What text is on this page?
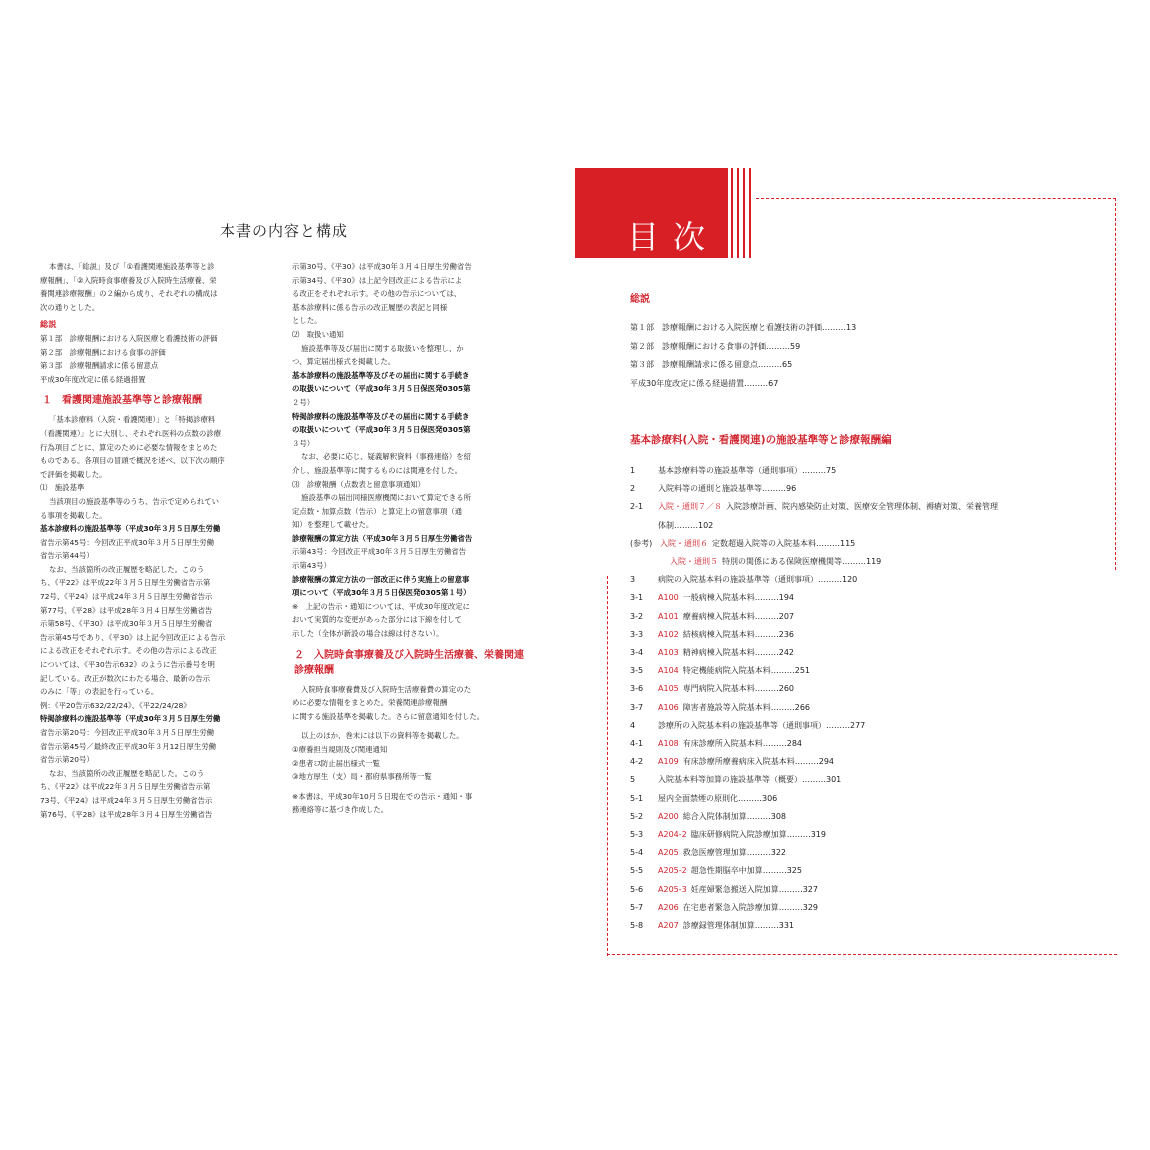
本書の内容と構成

本書は、「総説」及び「①看護関連施設基準等と診

療報酬」、「②入院時食事療養及び入院時生活療養、栄

養関連診療報酬」の２編から成り、それぞれの構成は

次の通りとした。

総説

第１部　診療報酬における入院医療と看護技術の評価

第２部　診療報酬における食事の評価

第３部　診療報酬請求に係る留意点

平成30年度改定に係る経過措置

１　看護関連施設基準等と診療報酬

「基本診療料（入院・看護関連）」と「特掲診療料

（看護関連）」とに大別し、それぞれ医科の点数の診療

行為項目ごとに、算定のために必要な情報をまとめた

ものである。各項目の冒頭で概況を述べ、以下次の順序

で評価を掲載した。

⑴　施設基準

当該項目の施設基準等のうち、告示で定められてい

る事項を掲載した。

基本診療料の施設基準等（平成30年３月５日厚生労働

省告示第45号：今回改正平成30年３月５日厚生労働

省告示第44号）

なお、当該箇所の改正履歴を略記した。このう

ち、《平22》は平成22年３月５日厚生労働省告示第

72号、《平24》は平成24年３月５日厚生労働省告示

第77号、《平28》は平成28年３月４日厚生労働省告

示第58号、《平30》は平成30年３月５日厚生労働省

告示第45号であり、《平30》は上記今回改正による告示

による改正をそれぞれ示す。その他の告示による改正

については、《平30告示632》のように告示番号を明

記している。改正が数次にわたる場合、最新の告示

のみに「等」の表記を行っている。

例：《平20告示632/22/24》、《平22/24/28》

特掲診療料の施設基準等（平成30年３月５日厚生労働

省告示第20号：今回改正平成30年３月５日厚生労働

省告示第45号／最終改正平成30年３月12日厚生労働

省告示第20号）

なお、当該箇所の改正履歴を略記した。このう

ち、《平22》は平成22年３月５日厚生労働省告示第

73号、《平24》は平成24年３月５日厚生労働省告示

第76号、《平28》は平成28年３月４日厚生労働省告

示第30号、《平30》は平成30年３月４日厚生労働省告

示第34号、《平30》は上記今回改正による告示によ

る改正をそれぞれ示す。その他の告示については、

基本診療料に係る告示の改正履歴の表記と同様

とした。

⑵　取扱い通知

施設基準等及び届出に関する取扱いを整理し、か

つ、算定届出様式を掲載した。

基本診療料の施設基準等及びその届出に関する手続き

の取扱いについて（平成30年３月５日保医発0305第

２号）

特掲診療料の施設基準等及びその届出に関する手続き

の取扱いについて（平成30年３月５日保医発0305第

３号）

なお、必要に応じ、疑義解釈資料（事務連絡）を紹

介し、施設基準等に関するものには関連を付した。

⑶　診療報酬（点数表と留意事項通知）

施設基準の届出同様医療機関において算定できる所

定点数・加算点数（告示）と算定上の留意事項（通

知）を整理して載せた。

診療報酬の算定方法（平成30年３月５日厚生労働省告

示第43号：今回改正平成30年３月５日厚生労働省告

示第43号）

診療報酬の算定方法の一部改正に伴う実施上の留意事

項について（平成30年３月５日保医発0305第１号）

※　上記の告示・通知については、平成30年度改定に

おいて実質的な変更があった部分には下線を付して

示した（全体が新設の場合は線は付さない）。

２　入院時食事療養及び入院時生活療養、栄養関連診療報酬

入院時食事療養費及び入院時生活療養費の算定のた

めに必要な情報をまとめた。栄養関連診療報酬

に関する施設基準を掲載した。さらに留意通知を付した。

以上のほか、巻末には以下の資料等を掲載した。

①療養担当規則及び関連通知

②患者ﾐｽ防止届出様式一覧

③地方厚生（支）局・都府県事務所等一覧

※本書は、平成30年10月５日現在での告示・通知・事

務連絡等に基づき作成した。

目次
総説
第１部　診療報酬における入院医療と看護技術の評価………13
第２部　診療報酬における食事の評価………59
第３部　診療報酬請求に係る留意点………65
平成30年度改定に係る経過措置………67
基本診療料(入院・看護関連)の施設基準等と診療報酬編
1	基本診療料等の施設基準等（通則事項）………75
2	入院料等の通則と施設基準等………96
2-1 入院・通則７／８ 入院診療計画、院内感染防止対策、医療安全管理体制、褥瘡対策、栄養管理
体制………102
(参考) 入院・通則６ 定数超過入院等の入院基本料………115
入院・通則５ 特別の関係にある保険医療機関等………119
3	病院の入院基本料の施設基準等（通則事項）………120
3-1 A100 一般病棟入院基本料………194
3-2 A101 療養病棟入院基本料………207
3-3 A102 結核病棟入院基本料………236
3-4 A103 精神病棟入院基本料………242
3-5 A104 特定機能病院入院基本料………251
3-6 A105 専門病院入院基本料………260
3-7 A106 障害者施設等入院基本料………266
4	診療所の入院基本料の施設基準等（通則事項）………277
4-1 A108 有床診療所入院基本料………284
4-2 A109 有床診療所療養病床入院基本料………294
5	入院基本料等加算の施設基準等（概要）………301
5-1 屋内全面禁煙の原則化………306
5-2 A200 総合入院体制加算………308
5-3 A204-2 臨床研修病院入院診療加算………319
5-4 A205 救急医療管理加算………322
5-5 A205-2 超急性期脳卒中加算………325
5-6 A205-3 妊産婦緊急搬送入院加算………327
5-7 A206 在宅患者緊急入院診療加算………329
5-8 A207 診療録管理体制加算………331
